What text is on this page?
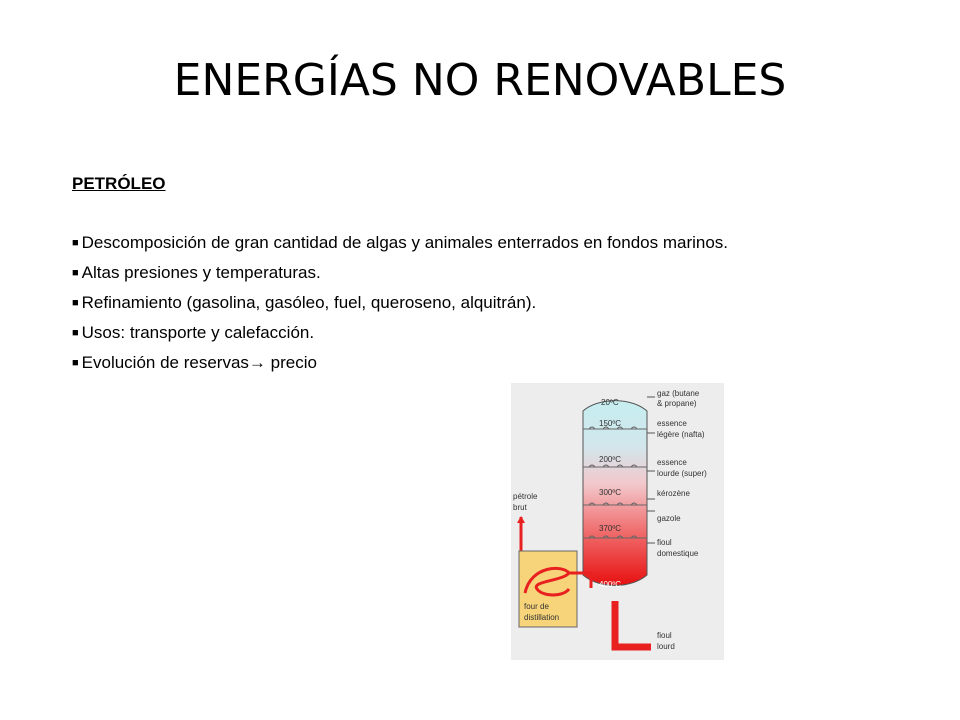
ENERGÍAS NO RENOVABLES
PETRÓLEO
■ Descomposición de gran cantidad de algas y animales enterrados en fondos marinos.
■ Altas presiones y temperaturas.
■ Refinamiento (gasolina, gasóleo, fuel, queroseno, alquitrán).
■ Usos: transporte y calefacción.
■ Evolución de reservas→ precio
20ºC
150ºC
200ºC
300ºC
370ºC
400ºC
gaz (butane & propane)
essence légère (nafta)
essence lourde (super)
kérozène
gazole
fioul domestique
pétrole brut
four de distillation
fioul lourd
